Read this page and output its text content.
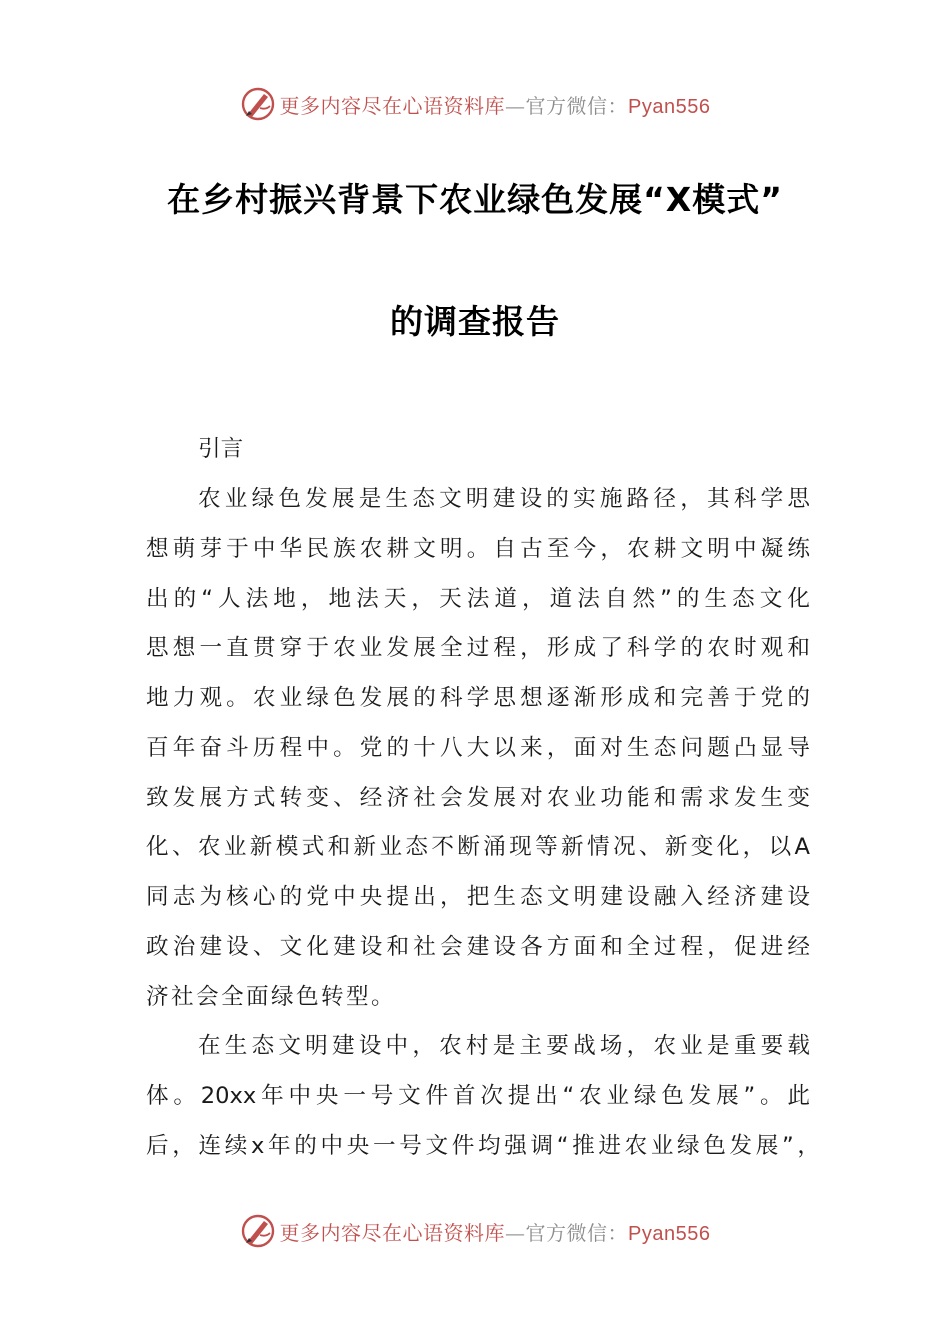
更多内容尽在心语资料库—官方微信：Pyan556
在乡村振兴背景下农业绿色发展“X模式”
的调查报告
引言
农业绿色发展是生态文明建设的实施路径，其科学思
想萌芽于中华民族农耕文明。自古至今，农耕文明中凝练
出的“人法地，地法天，天法道，道法自然”的生态文化
思想一直贯穿于农业发展全过程，形成了科学的农时观和
地力观。农业绿色发展的科学思想逐渐形成和完善于党的
百年奋斗历程中。党的十八大以来，面对生态问题凸显导
致发展方式转变、经济社会发展对农业功能和需求发生变
化、农业新模式和新业态不断涌现等新情况、新变化，以A
同志为核心的党中央提出，把生态文明建设融入经济建设
政治建设、文化建设和社会建设各方面和全过程，促进经
济社会全面绿色转型。
在生态文明建设中，农村是主要战场，农业是重要载
体。20xx年中央一号文件首次提出“农业绿色发展”。此
后，连续x年的中央一号文件均强调“推进农业绿色发展”，
更多内容尽在心语资料库—官方微信：Pyan556
